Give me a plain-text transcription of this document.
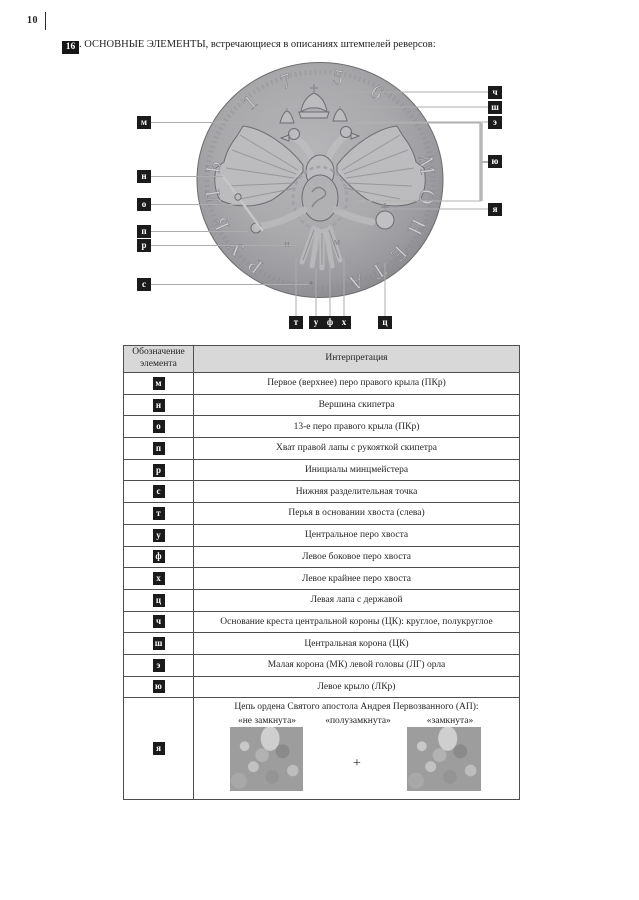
10
16 . ОСНОВНЫЕ ЭЛЕМЕНТЫ, встречающиеся в описаниях штемпелей реверсов:
Р
У
Б
Л
Ь
1
7 5
6
М
О
Н
Е
Т
А
И	М
м
н
о
п
р
с
т	у ф х	ц
ч
ш
э
ю
я
Обозначение элемента	Интерпретация
м	Первое (верхнее) перо правого крыла (ПКр)
н	Вершина скипетра
о	13-е перо правого крыла (ПКр)
п	Хват правой лапы с рукояткой скипетра
р	Инициалы минцмейстера
с	Нижняя разделительная точка
т	Перья в основании хвоста (слева)
у	Центральное перо хвоста
ф	Левое боковое перо хвоста
х	Левое крайнее перо хвоста
ц	Левая лапа с державой
ч	Основание креста центральной короны (ЦК): круглое, полукруглое
ш	Центральная корона (ЦК)
э	Малая корона (МК) левой головы (ЛГ) орла
ю	Левое крыло (ЛКр)
я	Цепь ордена Святого апостола Андрея Первозванного (АП):
«не замкнута» «полузамкнута» «замкнута»
+
